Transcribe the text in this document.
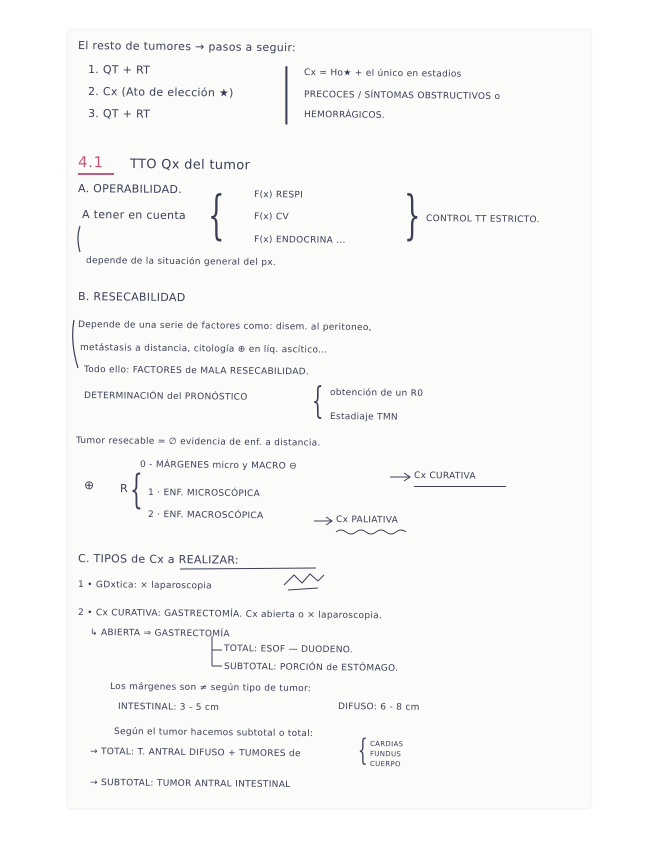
El resto de tumores → pasos a seguir:
1. QT + RT
2. Cx (Ato de elección ★)
3. QT + RT | Cx = Ho★ + el único en estadios
PRECOCES / SÍNTOMAS OBSTRUCTIVOS o
HEMORRÁGICOS.
4.1 TTO Qx del tumor
A. OPERABILIDAD.
A tener en cuenta {	F(x) RESPI
F(x) CV
F(x) ENDOCRINA ... } CONTROL TT ESTRICTO.
depende de la situación general del px.
B. RESECABILIDAD
Depende de una serie de factores como: disem. al peritoneo,
metástasis a distancia, citología ⊕ en líq. ascítico...
Todo ello: FACTORES de MALA RESECABILIDAD.
DETERMINACIÓN del PRONÓSTICO { obtención de un R0
Estadiaje TMN
Tumor resecable = ∅ evidencia de enf. a distancia.
0 - MÁRGENES micro y MACRO ⊖
Cx CURATIVA
⊕ R { 1 · ENF. MICROSCÓPICA
2 · ENF. MACROSCÓPICA	Cx PALIATIVA
C. TIPOS de Cx a REALIZAR:
1 • GDxtica: × laparoscopia
2 • Cx CURATIVA: GASTRECTOMÍA. Cx abierta o × laparoscopia.
↳ ABIERTA ⇒ GASTRECTOMÍA
TOTAL: ESOF — DUODENO.
SUBTOTAL: PORCIÓN de ESTÓMAGO.
Los márgenes son ≠ según tipo de tumor:
INTESTINAL: 3 - 5 cm	DIFUSO: 6 - 8 cm
Según el tumor hacemos subtotal o total:
→ TOTAL: T. ANTRAL DIFUSO + TUMORES de { CARDIAS
FUNDUS
CUERPO
→ SUBTOTAL: TUMOR ANTRAL INTESTINAL
